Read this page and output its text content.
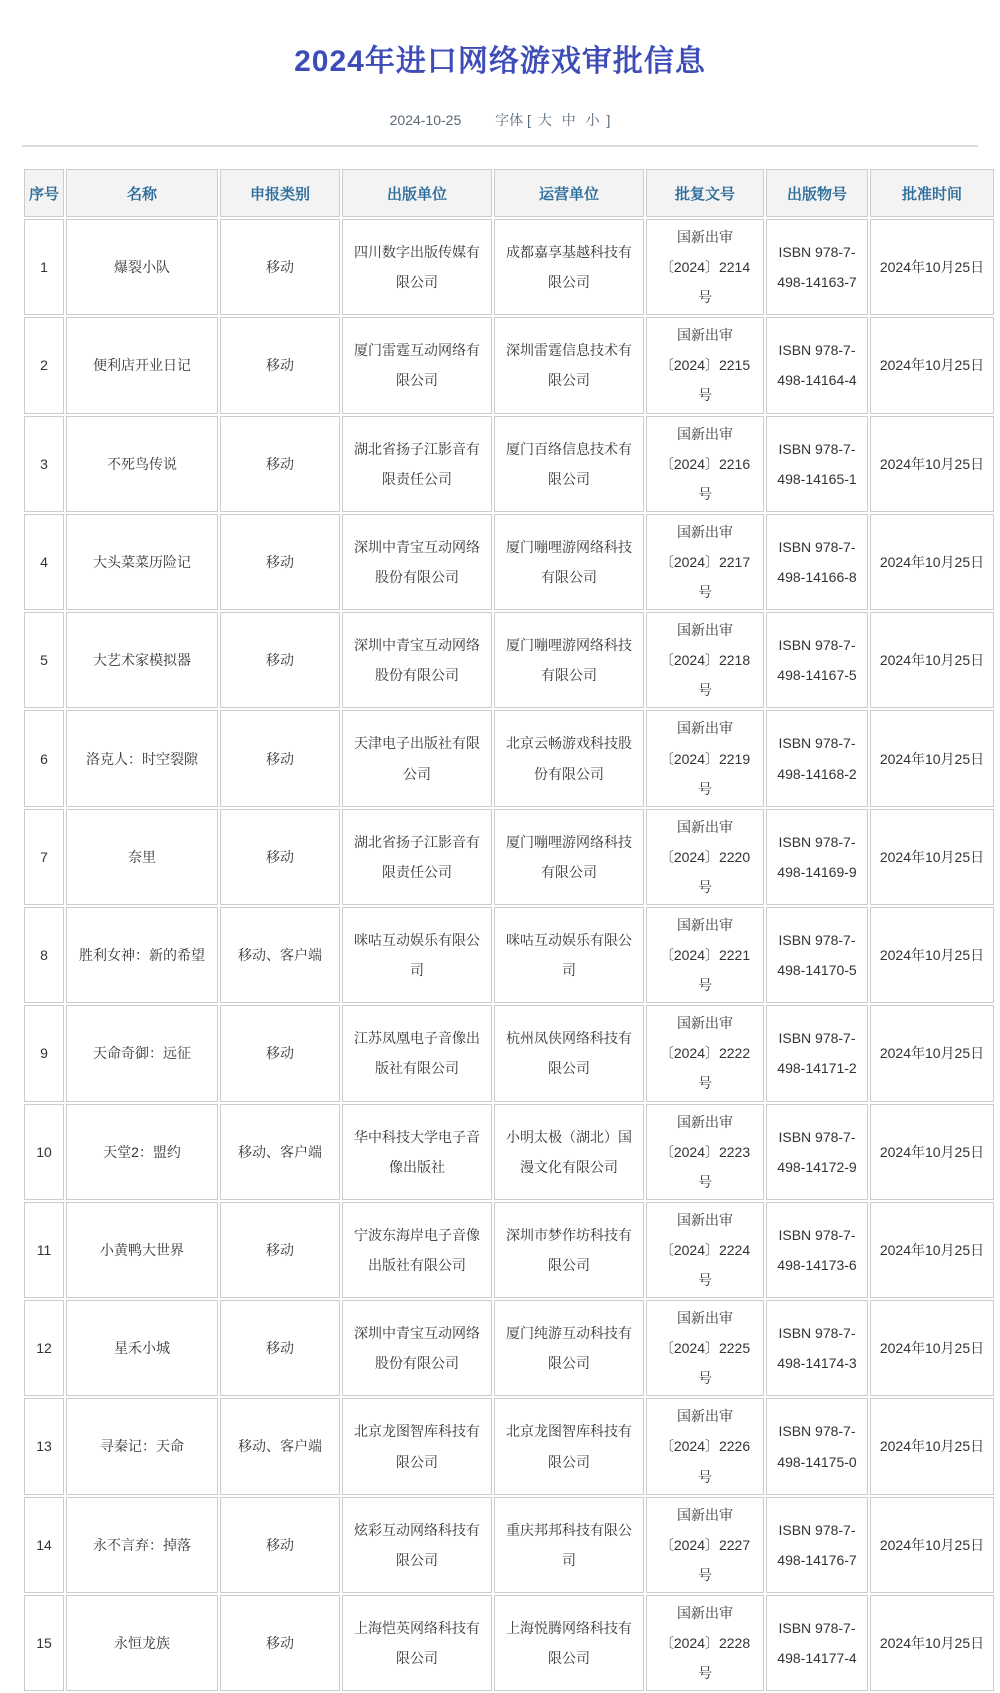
2024年进口网络游戏审批信息
2024-10-25 字体 [ 大 中 小 ]
序号	名称	申报类别	出版单位	运营单位	批复文号	出版物号	批准时间
1	爆裂小队	移动	四川数字出版传媒有限公司	成都嘉享基越科技有限公司	国新出审〔2024〕2214号	ISBN 978-7-498-14163-7	2024年10月25日
2	便利店开业日记	移动	厦门雷霆互动网络有限公司	深圳雷霆信息技术有限公司	国新出审〔2024〕2215号	ISBN 978-7-498-14164-4	2024年10月25日
3	不死鸟传说	移动	湖北省扬子江影音有限责任公司	厦门百络信息技术有限公司	国新出审〔2024〕2216号	ISBN 978-7-498-14165-1	2024年10月25日
4	大头菜菜历险记	移动	深圳中青宝互动网络股份有限公司	厦门嘣哩游网络科技有限公司	国新出审〔2024〕2217号	ISBN 978-7-498-14166-8	2024年10月25日
5	大艺术家模拟器	移动	深圳中青宝互动网络股份有限公司	厦门嘣哩游网络科技有限公司	国新出审〔2024〕2218号	ISBN 978-7-498-14167-5	2024年10月25日
6	洛克人：时空裂隙	移动	天津电子出版社有限公司	北京云畅游戏科技股份有限公司	国新出审〔2024〕2219号	ISBN 978-7-498-14168-2	2024年10月25日
7	奈里	移动	湖北省扬子江影音有限责任公司	厦门嘣哩游网络科技有限公司	国新出审〔2024〕2220号	ISBN 978-7-498-14169-9	2024年10月25日
8	胜利女神：新的希望	移动、客户端	咪咕互动娱乐有限公司	咪咕互动娱乐有限公司	国新出审〔2024〕2221号	ISBN 978-7-498-14170-5	2024年10月25日
9	天命奇御：远征	移动	江苏凤凰电子音像出版社有限公司	杭州凤侠网络科技有限公司	国新出审〔2024〕2222号	ISBN 978-7-498-14171-2	2024年10月25日
10	天堂2：盟约	移动、客户端	华中科技大学电子音像出版社	小明太极（湖北）国漫文化有限公司	国新出审〔2024〕2223号	ISBN 978-7-498-14172-9	2024年10月25日
11	小黄鸭大世界	移动	宁波东海岸电子音像出版社有限公司	深圳市梦作坊科技有限公司	国新出审〔2024〕2224号	ISBN 978-7-498-14173-6	2024年10月25日
12	星禾小城	移动	深圳中青宝互动网络股份有限公司	厦门纯游互动科技有限公司	国新出审〔2024〕2225号	ISBN 978-7-498-14174-3	2024年10月25日
13	寻秦记：天命	移动、客户端	北京龙图智库科技有限公司	北京龙图智库科技有限公司	国新出审〔2024〕2226号	ISBN 978-7-498-14175-0	2024年10月25日
14	永不言弃：掉落	移动	炫彩互动网络科技有限公司	重庆邦邦科技有限公司	国新出审〔2024〕2227号	ISBN 978-7-498-14176-7	2024年10月25日
15	永恒龙族	移动	上海恺英网络科技有限公司	上海悦腾网络科技有限公司	国新出审〔2024〕2228号	ISBN 978-7-498-14177-4	2024年10月25日
